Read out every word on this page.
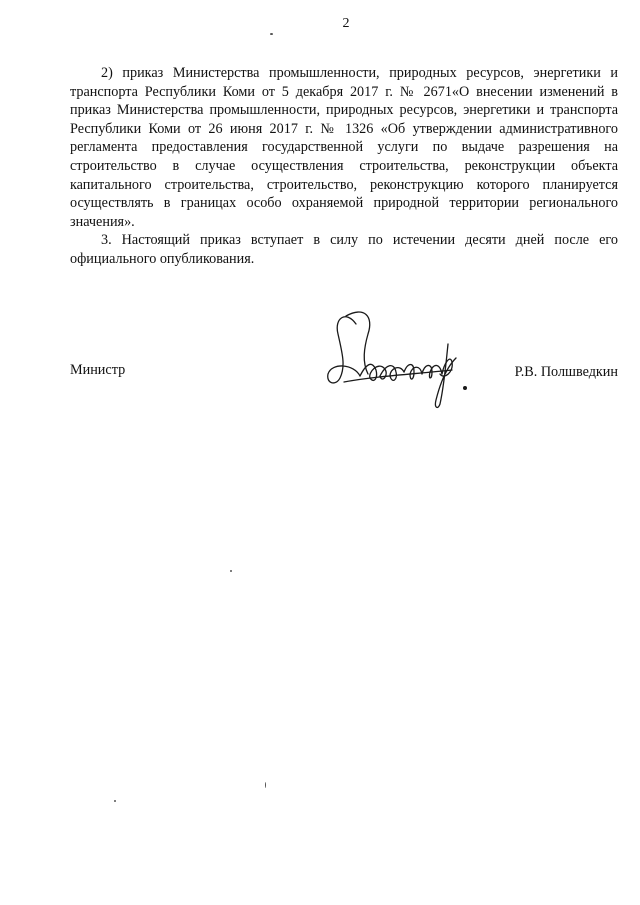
2

2) приказ Министерства промышленности, природных ресурсов, энергетики и транспорта Республики Коми от 5 декабря 2017 г. № 2671«О внесении изменений в приказ Министерства промышленности, природных ресурсов, энергетики и транспорта Республики Коми от 26 июня 2017 г. № 1326 «Об утверждении административного регламента предоставления государственной услуги по выдаче разрешения на строительство в случае осуществления строительства, реконструкции объекта капитального строительства, строительство, реконструкцию которого планируется осуществлять в границах особо охраняемой природной территории регионального значения».

3. Настоящий приказ вступает в силу по истечении десяти дней после его официального опубликования.

Министр	Р.В. Полшведкин
